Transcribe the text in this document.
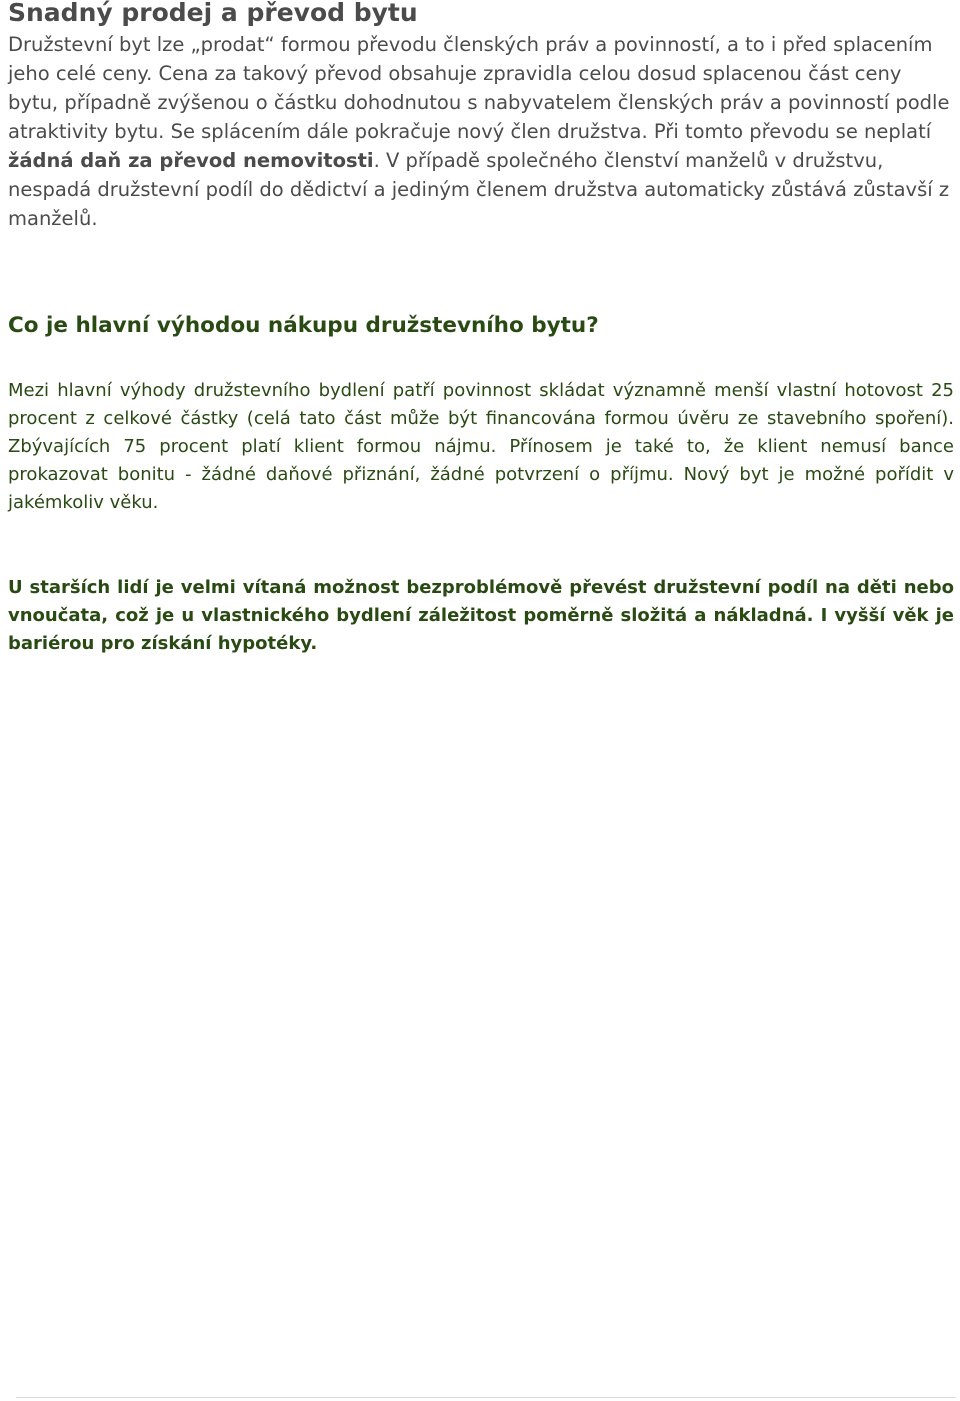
Snadný prodej a převod bytu

Družstevní byt lze „prodat“ formou převodu členských práv a povinností, a to i před splacením jeho celé ceny. Cena za takový převod obsahuje zpravidla celou dosud splacenou část ceny bytu, případně zvýšenou o částku dohodnutou s nabyvatelem členských práv a povinností podle atraktivity bytu. Se splácením dále pokračuje nový člen družstva. Při tomto převodu se neplatí žádná daň za převod nemovitosti. V případě společného členství manželů v družstvu, nespadá družstevní podíl do dědictví a jediným členem družstva automaticky zůstává zůstavší z manželů.

Co je hlavní výhodou nákupu družstevního bytu?

Mezi hlavní výhody družstevního bydlení patří povinnost skládat významně menší vlastní hotovost 25 procent z celkové částky (celá tato část může být financována formou úvěru ze stavebního spoření). Zbývajících 75 procent platí klient formou nájmu. Přínosem je také to, že klient nemusí bance prokazovat bonitu - žádné daňové přiznání, žádné potvrzení o příjmu. Nový byt je možné pořídit v jakémkoliv věku.

U starších lidí je velmi vítaná možnost bezproblémově převést družstevní podíl na děti nebo vnoučata, což je u vlastnického bydlení záležitost poměrně složitá a nákladná. I vyšší věk je bariérou pro získání hypotéky.
